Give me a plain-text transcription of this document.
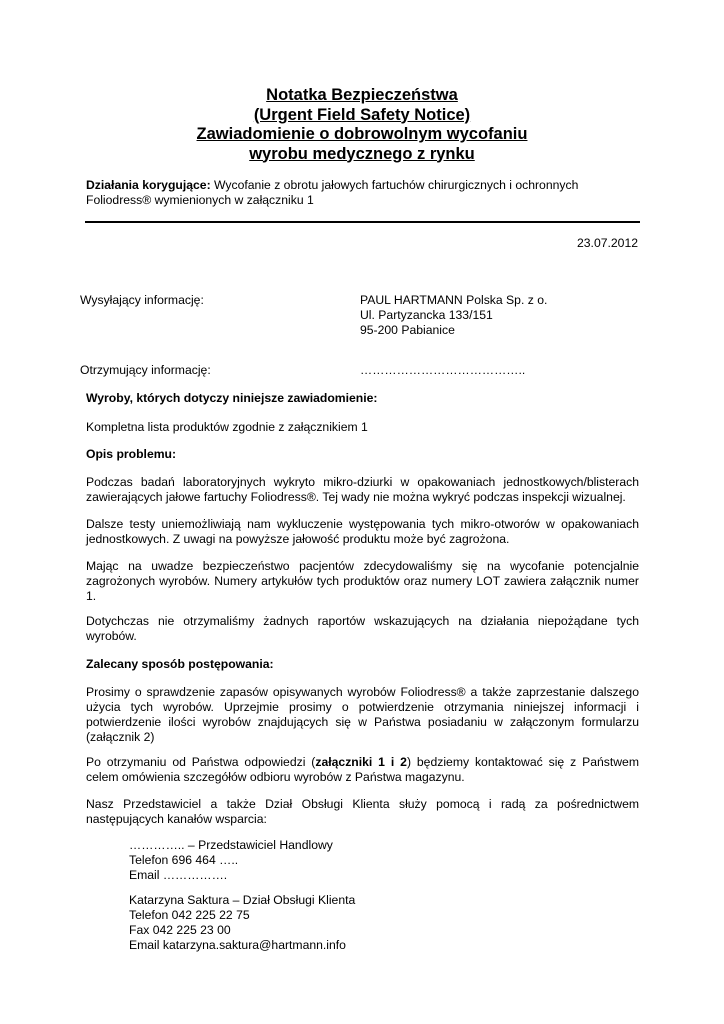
Notatka Bezpieczeństwa
(Urgent Field Safety Notice)
Zawiadomienie o dobrowolnym wycofaniu
wyrobu medycznego z rynku
Działania korygujące: Wycofanie z obrotu jałowych fartuchów chirurgicznych i ochronnych
Foliodress® wymienionych w załączniku 1
23.07.2012
Wysyłający informację:	PAUL HARTMANN Polska Sp. z o.
Ul. Partyzancka 133/151
95-200 Pabianice
Otrzymujący informację:	…………………………………..
Wyroby, których dotyczy niniejsze zawiadomienie:
Kompletna lista produktów zgodnie z załącznikiem 1
Opis problemu:
Podczas badań laboratoryjnych wykryto mikro-dziurki w opakowaniach jednostkowych/blisterach zawierających jałowe fartuchy Foliodress®. Tej wady nie można wykryć podczas inspekcji wizualnej.
Dalsze testy uniemożliwiają nam wykluczenie występowania tych mikro-otworów w opakowaniach jednostkowych. Z uwagi na powyższe jałowość produktu może być zagrożona.
Mając na uwadze bezpieczeństwo pacjentów zdecydowaliśmy się na wycofanie potencjalnie zagrożonych wyrobów. Numery artykułów tych produktów oraz numery LOT zawiera załącznik numer 1.
Dotychczas nie otrzymaliśmy żadnych raportów wskazujących na działania niepożądane tych wyrobów.
Zalecany sposób postępowania:
Prosimy o sprawdzenie zapasów opisywanych wyrobów Foliodress® a także zaprzestanie dalszego użycia tych wyrobów. Uprzejmie prosimy o potwierdzenie otrzymania niniejszej informacji i potwierdzenie ilości wyrobów znajdujących się w Państwa posiadaniu w załączonym formularzu (załącznik 2)
Po otrzymaniu od Państwa odpowiedzi (załączniki 1 i 2) będziemy kontaktować się z Państwem celem omówienia szczegółów odbioru wyrobów z Państwa magazynu.
Nasz Przedstawiciel a także Dział Obsługi Klienta służy pomocą i radą za pośrednictwem następujących kanałów wsparcia:
………….. – Przedstawiciel Handlowy
Telefon 696 464 …..
Email …………….
Katarzyna Saktura – Dział Obsługi Klienta
Telefon 042 225 22 75
Fax 042 225 23 00
Email katarzyna.saktura@hartmann.info
